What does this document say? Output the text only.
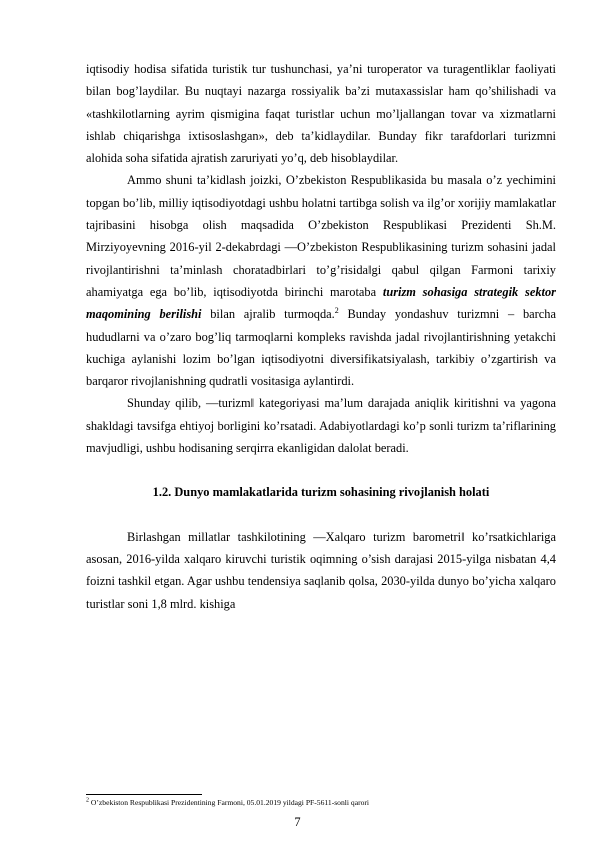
iqtisodiy hodisa sifatida turistik tur tushunchasi, ya’ni turoperator va turagentliklar faoliyati bilan bog’laydilar. Bu nuqtayi nazarga rossiyalik ba’zi mutaxassislar ham qo’shilishadi va «tashkilotlarning ayrim qismigina faqat turistlar uchun mo’ljallangan tovar va xizmatlarni ishlab chiqarishga ixtisoslashgan», deb ta’kidlaydilar. Bunday fikr tarafdorlari turizmni alohida soha sifatida ajratish zaruriyati yo’q, deb hisoblaydilar.

Ammo shuni ta’kidlash joizki, O’zbekiston Respublikasida bu masala o’z yechimini topgan bo’lib, milliy iqtisodiyotdagi ushbu holatni tartibga solish va ilg’or xorijiy mamlakatlar tajribasini hisobga olish maqsadida O’zbekiston Respublikasi Prezidenti Sh.M. Mirziyoyevning 2016-yil 2-dekabrdagi ―O’zbekiston Respublikasining turizm sohasini jadal rivojlantirishni ta’minlash choratadbirlari to’g’risida‖gi qabul qilgan Farmoni tarixiy ahamiyatga ega bo’lib, iqtisodiyotda birinchi marotaba turizm sohasiga strategik sektor maqomining berilishi bilan ajralib turmoqda.$^2$ Bunday yondashuv turizmni – barcha hududlarni va o’zaro bog’liq tarmoqlarni kompleks ravishda jadal rivojlantirishning yetakchi kuchiga aylanishi lozim bo’lgan iqtisodiyotni diversifikatsiyalash, tarkibiy o’zgartirish va barqaror rivojlanishning qudratli vositasiga aylantirdi.

Shunday qilib, ―turizm‖ kategoriyasi ma’lum darajada aniqlik kiritishni va yagona shakldagi tavsifga ehtiyoj borligini ko’rsatadi. Adabiyotlardagi ko’p sonli turizm ta’riflarining mavjudligi, ushbu hodisaning serqirra ekanligidan dalolat beradi.

1.2. Dunyo mamlakatlarida turizm sohasining rivojlanish holati

Birlashgan millatlar tashkilotining ―Xalqaro turizm barometri‖ ko’rsatkichlariga asosan, 2016-yilda xalqaro kiruvchi turistik oqimning o’sish darajasi 2015-yilga nisbatan 4,4 foizni tashkil etgan. Agar ushbu tendensiya saqlanib qolsa, 2030-yilda dunyo bo’yicha xalqaro turistlar soni 1,8 mlrd. kishiga

$^2$ O’zbekiston Respublikasi Prezidentining Farmoni, 05.01.2019 yildagi PF-5611-sonli qarori
7
